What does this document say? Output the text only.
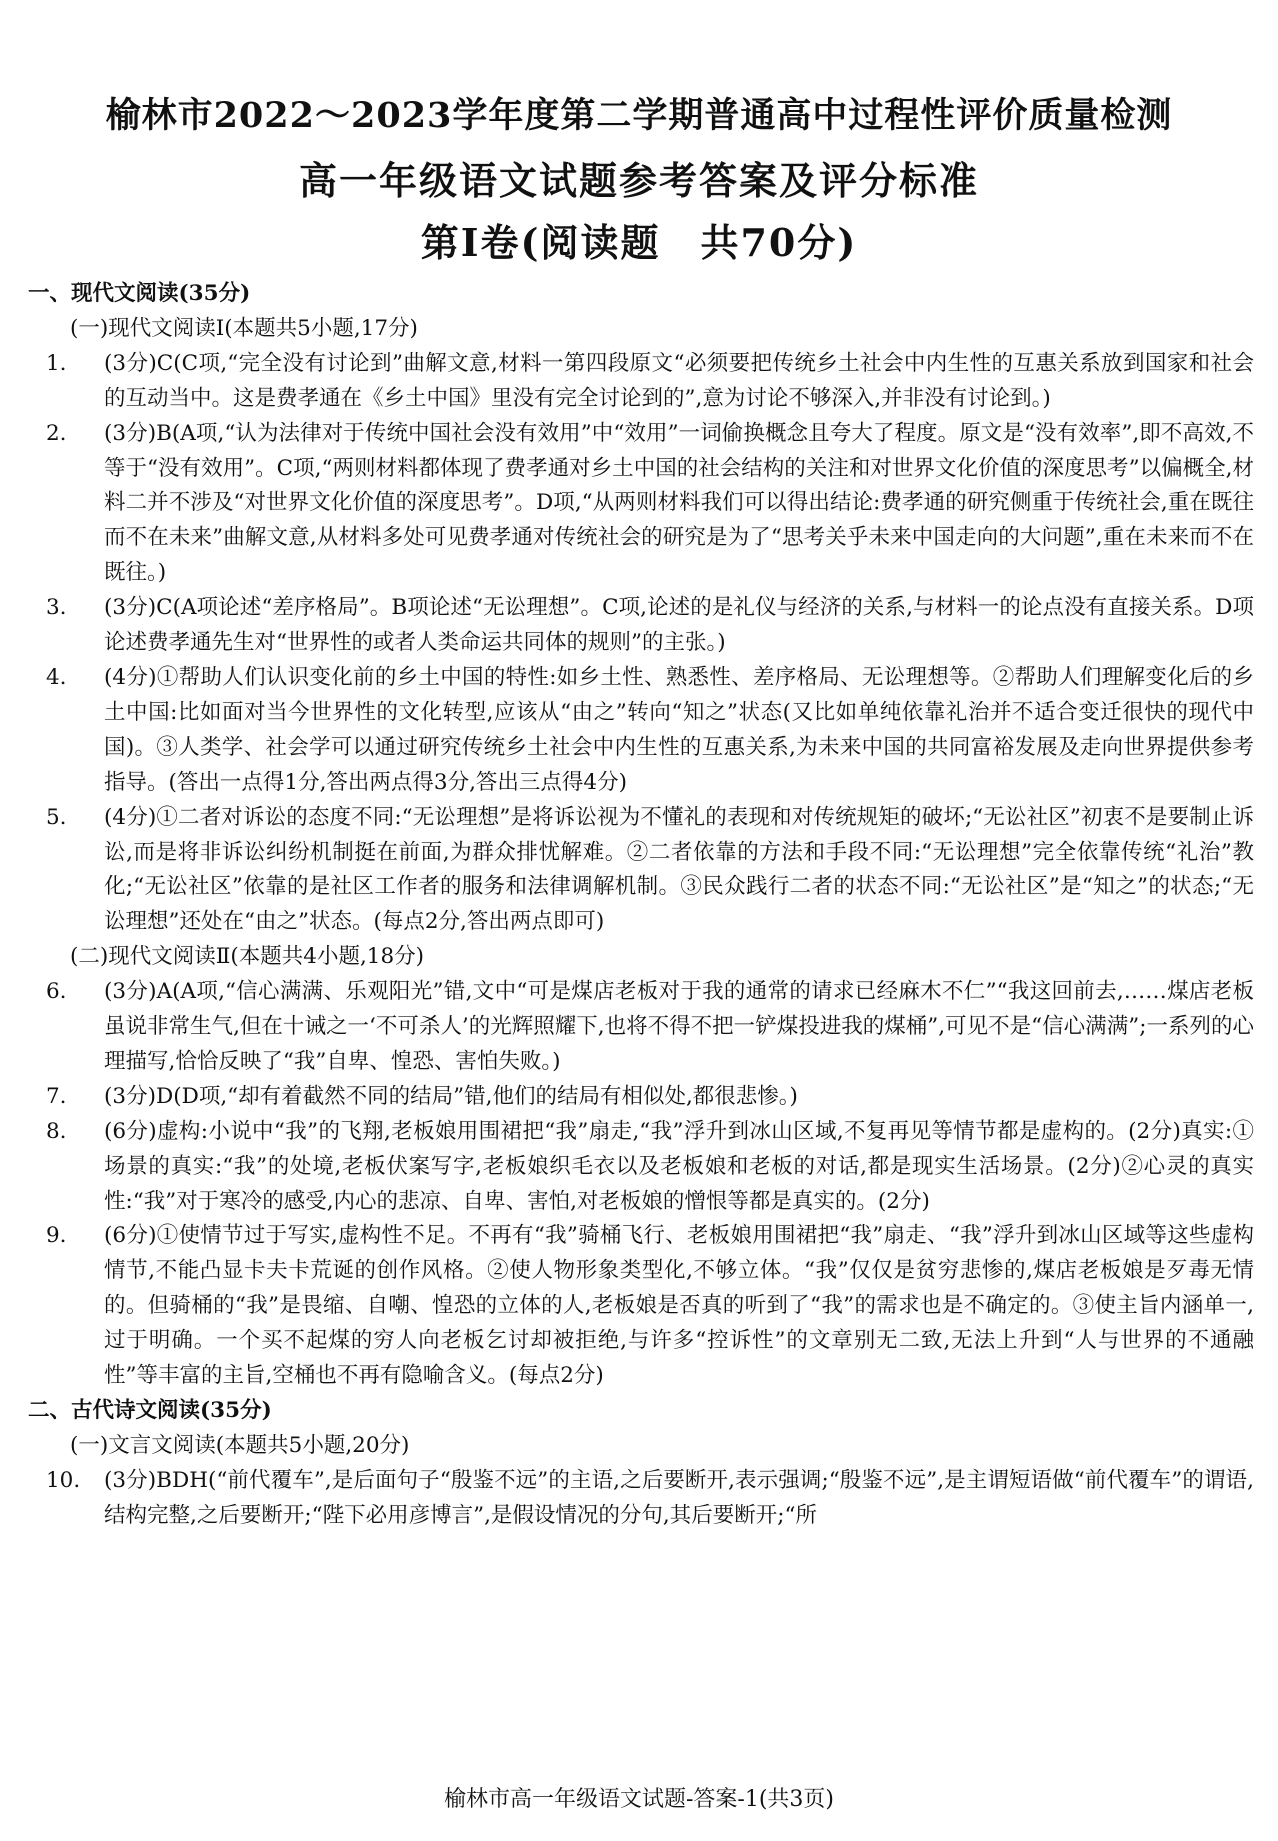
榆林市2022～2023学年度第二学期普通高中过程性评价质量检测
高一年级语文试题参考答案及评分标准
第Ⅰ卷(阅读题　共70分)

一、现代文阅读(35分)

(一)现代文阅读Ⅰ(本题共5小题,17分)

1.	(3分)C(C项,“完全没有讨论到”曲解文意,材料一第四段原文“必须要把传统乡土社会中内生性的互惠关系放到国家和社会的互动当中。这是费孝通在《乡土中国》里没有完全讨论到的”,意为讨论不够深入,并非没有讨论到。)
2.	(3分)B(A项,“认为法律对于传统中国社会没有效用”中“效用”一词偷换概念且夸大了程度。原文是“没有效率”,即不高效,不等于“没有效用”。C项,“两则材料都体现了费孝通对乡土中国的社会结构的关注和对世界文化价值的深度思考”以偏概全,材料二并不涉及“对世界文化价值的深度思考”。D项,“从两则材料我们可以得出结论:费孝通的研究侧重于传统社会,重在既往而不在未来”曲解文意,从材料多处可见费孝通对传统社会的研究是为了“思考关乎未来中国走向的大问题”,重在未来而不在既往。)
3.	(3分)C(A项论述“差序格局”。B项论述“无讼理想”。C项,论述的是礼仪与经济的关系,与材料一的论点没有直接关系。D项论述费孝通先生对“世界性的或者人类命运共同体的规则”的主张。)
4.	(4分)①帮助人们认识变化前的乡土中国的特性:如乡土性、熟悉性、差序格局、无讼理想等。②帮助人们理解变化后的乡土中国:比如面对当今世界性的文化转型,应该从“由之”转向“知之”状态(又比如单纯依靠礼治并不适合变迁很快的现代中国)。③人类学、社会学可以通过研究传统乡土社会中内生性的互惠关系,为未来中国的共同富裕发展及走向世界提供参考指导。(答出一点得1分,答出两点得3分,答出三点得4分)
5.	(4分)①二者对诉讼的态度不同:“无讼理想”是将诉讼视为不懂礼的表现和对传统规矩的破坏;“无讼社区”初衷不是要制止诉讼,而是将非诉讼纠纷机制挺在前面,为群众排忧解难。②二者依靠的方法和手段不同:“无讼理想”完全依靠传统“礼治”教化;“无讼社区”依靠的是社区工作者的服务和法律调解机制。③民众践行二者的状态不同:“无讼社区”是“知之”的状态;“无讼理想”还处在“由之”状态。(每点2分,答出两点即可)

(二)现代文阅读Ⅱ(本题共4小题,18分)

6.	(3分)A(A项,“信心满满、乐观阳光”错,文中“可是煤店老板对于我的通常的请求已经麻木不仁”“我这回前去,……煤店老板虽说非常生气,但在十诫之一‘不可杀人’的光辉照耀下,也将不得不把一铲煤投进我的煤桶”,可见不是“信心满满”;一系列的心理描写,恰恰反映了“我”自卑、惶恐、害怕失败。)
7.	(3分)D(D项,“却有着截然不同的结局”错,他们的结局有相似处,都很悲惨。)
8.	(6分)虚构:小说中“我”的飞翔,老板娘用围裙把“我”扇走,“我”浮升到冰山区域,不复再见等情节都是虚构的。(2分)真实:①场景的真实:“我”的处境,老板伏案写字,老板娘织毛衣以及老板娘和老板的对话,都是现实生活场景。(2分)②心灵的真实性:“我”对于寒冷的感受,内心的悲凉、自卑、害怕,对老板娘的憎恨等都是真实的。(2分)
9.	(6分)①使情节过于写实,虚构性不足。不再有“我”骑桶飞行、老板娘用围裙把“我”扇走、“我”浮升到冰山区域等这些虚构情节,不能凸显卡夫卡荒诞的创作风格。②使人物形象类型化,不够立体。“我”仅仅是贫穷悲惨的,煤店老板娘是歹毒无情的。但骑桶的“我”是畏缩、自嘲、惶恐的立体的人,老板娘是否真的听到了“我”的需求也是不确定的。③使主旨内涵单一,过于明确。一个买不起煤的穷人向老板乞讨却被拒绝,与许多“控诉性”的文章别无二致,无法上升到“人与世界的不通融性”等丰富的主旨,空桶也不再有隐喻含义。(每点2分)

二、古代诗文阅读(35分)

(一)文言文阅读(本题共5小题,20分)

10.	(3分)BDH(“前代覆车”,是后面句子“殷鉴不远”的主语,之后要断开,表示强调;“殷鉴不远”,是主谓短语做“前代覆车”的谓语,结构完整,之后要断开;“陛下必用彦博言”,是假设情况的分句,其后要断开;“所
榆林市高一年级语文试题-答案-1(共3页)
